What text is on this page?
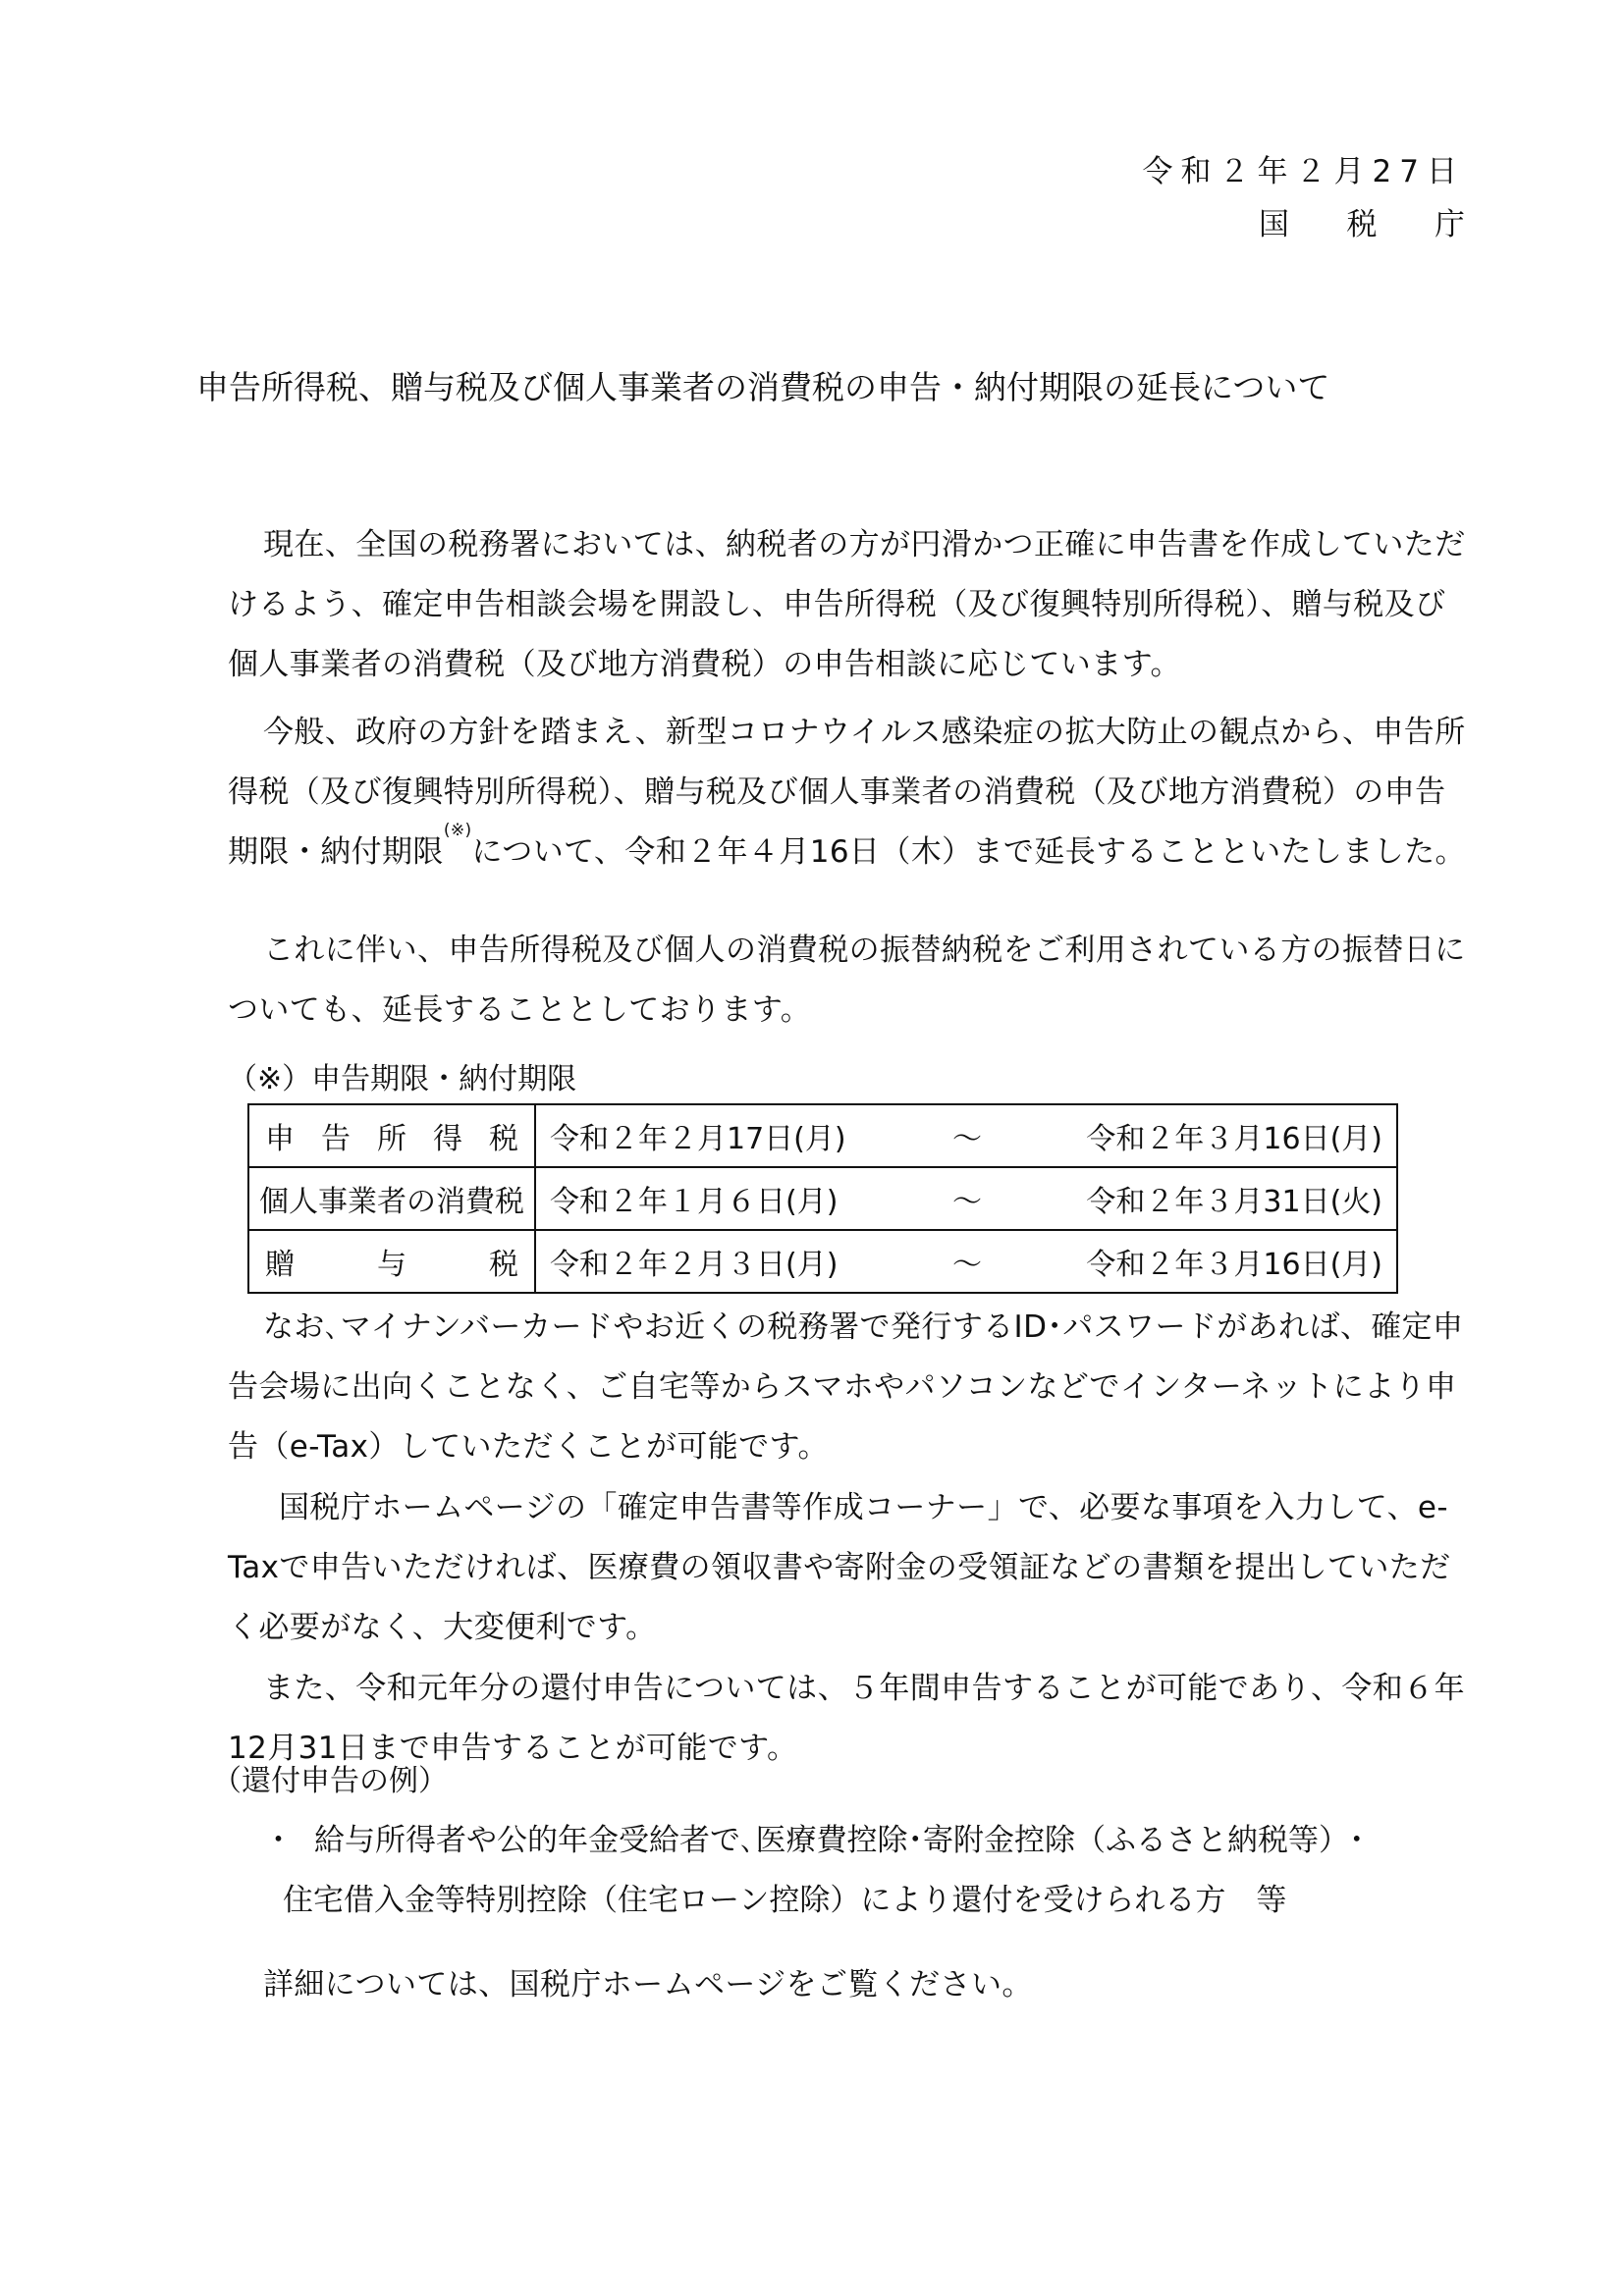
令和２年２月27日
国 税 庁
申告所得税、贈与税及び個人事業者の消費税の申告・納付期限の延長について
現在、全国の税務署においては、納税者の方が円滑かつ正確に申告書を作成していただけるよう、確定申告相談会場を開設し、申告所得税（及び復興特別所得税）、贈与税及び個人事業者の消費税（及び地方消費税）の申告相談に応じています。
今般、政府の方針を踏まえ、新型コロナウイルス感染症の拡大防止の観点から、申告所得税（及び復興特別所得税）、贈与税及び個人事業者の消費税（及び地方消費税）の申告期限・納付期限(※)について、令和２年４月16日（木）まで延長することといたしました。
これに伴い、申告所得税及び個人の消費税の振替納税をご利用されている方の振替日についても、延長することとしております。
（※）申告期限・納付期限
申 告 所 得 税	令和２年２月17日(月) ～ 令和２年３月16日(月)

個人事業者の消費税	令和２年１月６日(月) ～ 令和２年３月31日(火)

贈 与 税	令和２年２月３日(月) ～ 令和２年３月16日(月)
なお､マイナンバーカードやお近くの税務署で発行するID･パスワードがあれば、確定申告会場に出向くことなく、ご自宅等からスマホやパソコンなどでインターネットにより申告（e-Tax）していただくことが可能です。
国税庁ホームページの「確定申告書等作成コーナー」で、必要な事項を入力して、e-Taxで申告いただければ、医療費の領収書や寄附金の受領証などの書類を提出していただく必要がなく、大変便利です。
また、令和元年分の還付申告については、５年間申告することが可能であり、令和６年12月31日まで申告することが可能です。
（還付申告の例）
・ 給与所得者や公的年金受給者で､医療費控除･寄附金控除（ふるさと納税等）･
住宅借入金等特別控除（住宅ローン控除）により還付を受けられる方　等
詳細については、国税庁ホームページをご覧ください。
